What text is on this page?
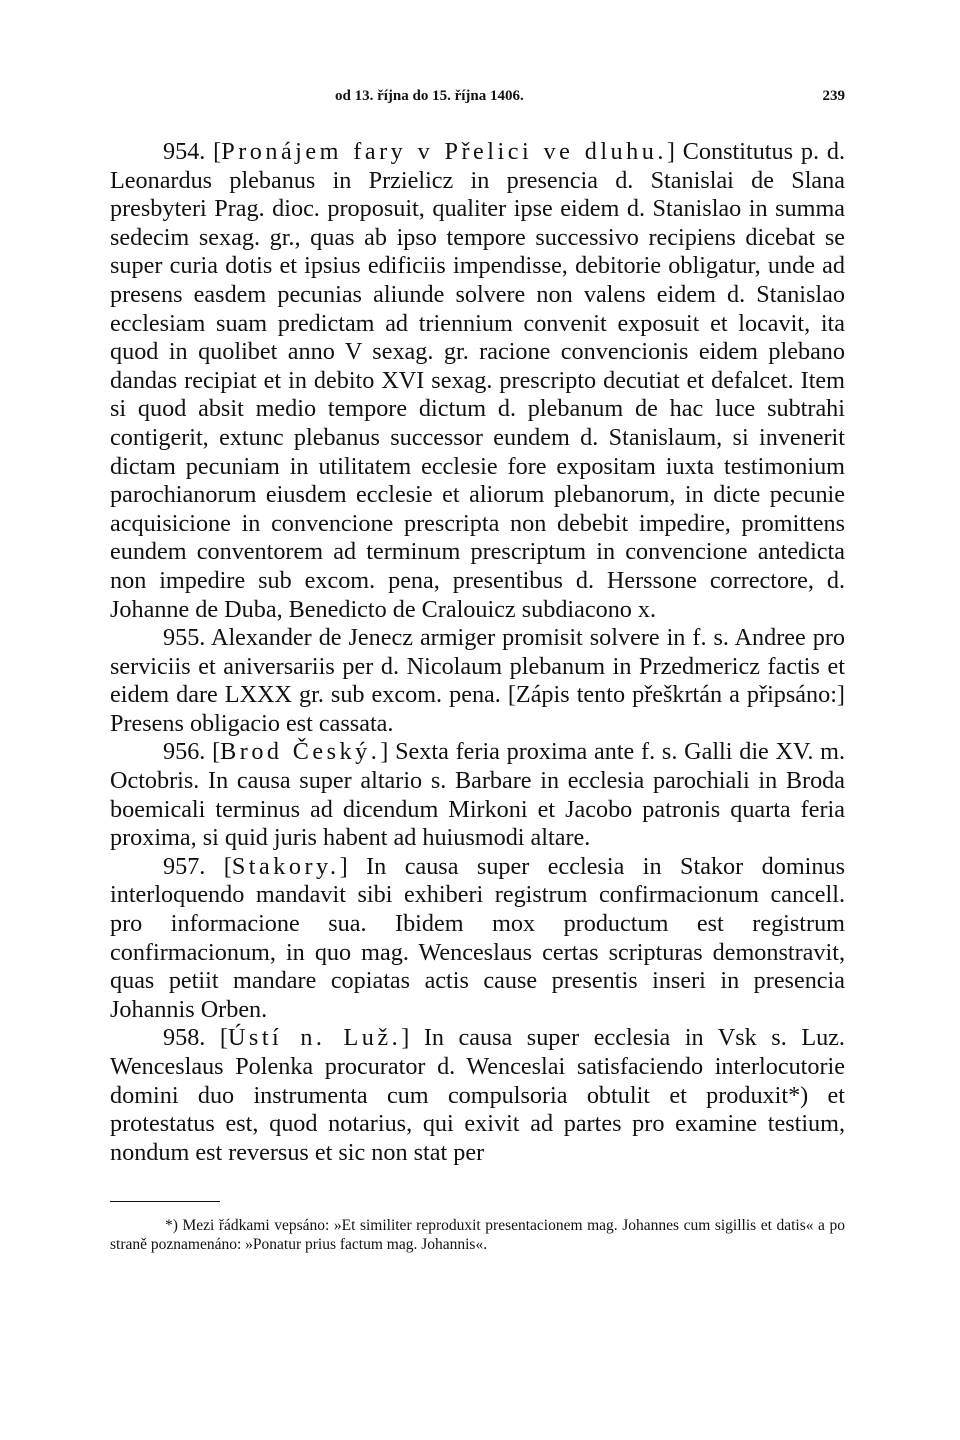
od 13. října do 15. října 1406.	239

954. [Pronájem fary v Přelici ve dluhu.] Constitutus p. d. Leonardus plebanus in Przielicz in presencia d. Stanislai de Slana presbyteri Prag. dioc. proposuit, qualiter ipse eidem d. Stanislao in summa sedecim sexag. gr., quas ab ipso tempore successivo recipiens dicebat se super curia dotis et ipsius edificiis impendisse, debitorie obligatur, unde ad presens easdem pecunias aliunde solvere non valens eidem d. Stanislao ecclesiam suam predictam ad triennium convenit exposuit et locavit, ita quod in quolibet anno V sexag. gr. racione convencionis eidem plebano dandas recipiat et in debito XVI sexag. prescripto decutiat et defalcet. Item si quod absit medio tempore dictum d. plebanum de hac luce subtrahi contigerit, extunc plebanus successor eundem d. Stanislaum, si invenerit dictam pecuniam in utilitatem ecclesie fore expositam iuxta testimonium parochianorum eiusdem ecclesie et aliorum plebanorum, in dicte pecunie acquisicione in convencione prescripta non debebit impedire, promittens eundem conventorem ad terminum prescriptum in convencione antedicta non impedire sub excom. pena, presentibus d. Herssone correctore, d. Johanne de Duba, Benedicto de Cralouicz subdiacono x.

955. Alexander de Jenecz armiger promisit solvere in f. s. Andree pro serviciis et aniversariis per d. Nicolaum plebanum in Przedmericz factis et eidem dare LXXX gr. sub excom. pena. [Zápis tento přeškrtán a připsáno:] Presens obligacio est cassata.

956. [Brod Český.] Sexta feria proxima ante f. s. Galli die XV. m. Octobris. In causa super altario s. Barbare in ecclesia parochiali in Broda boemicali terminus ad dicendum Mirkoni et Jacobo patronis quarta feria proxima, si quid juris habent ad huiusmodi altare.

957. [Stakory.] In causa super ecclesia in Stakor dominus interloquendo mandavit sibi exhiberi registrum confirmacionum cancell. pro informacione sua. Ibidem mox productum est registrum confirmacionum, in quo mag. Wenceslaus certas scripturas demonstravit, quas petiit mandare copiatas actis cause presentis inseri in presencia Johannis Orben.

958. [Ústí n. Luž.] In causa super ecclesia in Vsk s. Luz. Wenceslaus Polenka procurator d. Wenceslai satisfaciendo interlocutorie domini duo instrumenta cum compulsoria obtulit et produxit*) et protestatus est, quod notarius, qui exivit ad partes pro examine testium, nondum est reversus et sic non stat per

*) Mezi řádkami vepsáno: »Et similiter reproduxit presentacionem mag. Johannes cum sigillis et datis« a po straně poznamenáno: »Ponatur prius factum mag. Johannis«.
